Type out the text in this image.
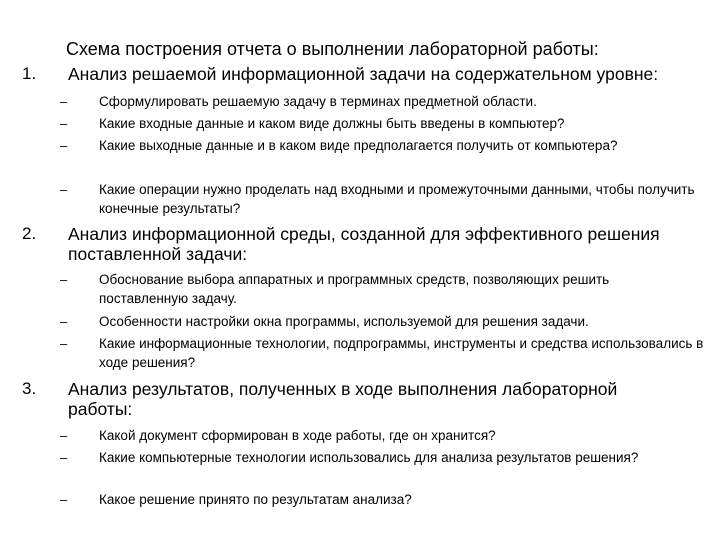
Схема построения отчета о выполнении лабораторной работы:
1. Анализ решаемой информационной задачи на содержательном уровне:
– Сформулировать решаемую задачу в терминах предметной области.
– Какие входные данные и каком виде должны быть введены в компьютер?
– Какие выходные данные и в каком виде предполагается получить от компьютера?
– Какие операции нужно проделать над входными и промежуточными данными, чтобы получить конечные результаты?
2. Анализ информационной среды, созданной для эффективного решения поставленной задачи:
– Обоснование выбора аппаратных и программных средств, позволяющих решить поставленную задачу.
– Особенности настройки окна программы, используемой для решения задачи.
– Какие информационные технологии, подпрограммы, инструменты и средства использовались в ходе решения?
3. Анализ результатов, полученных в ходе выполнения лабораторной работы:
– Какой документ сформирован в ходе работы, где он хранится?
– Какие компьютерные технологии использовались для анализа результатов решения?
– Какое решение принято по результатам анализа?
